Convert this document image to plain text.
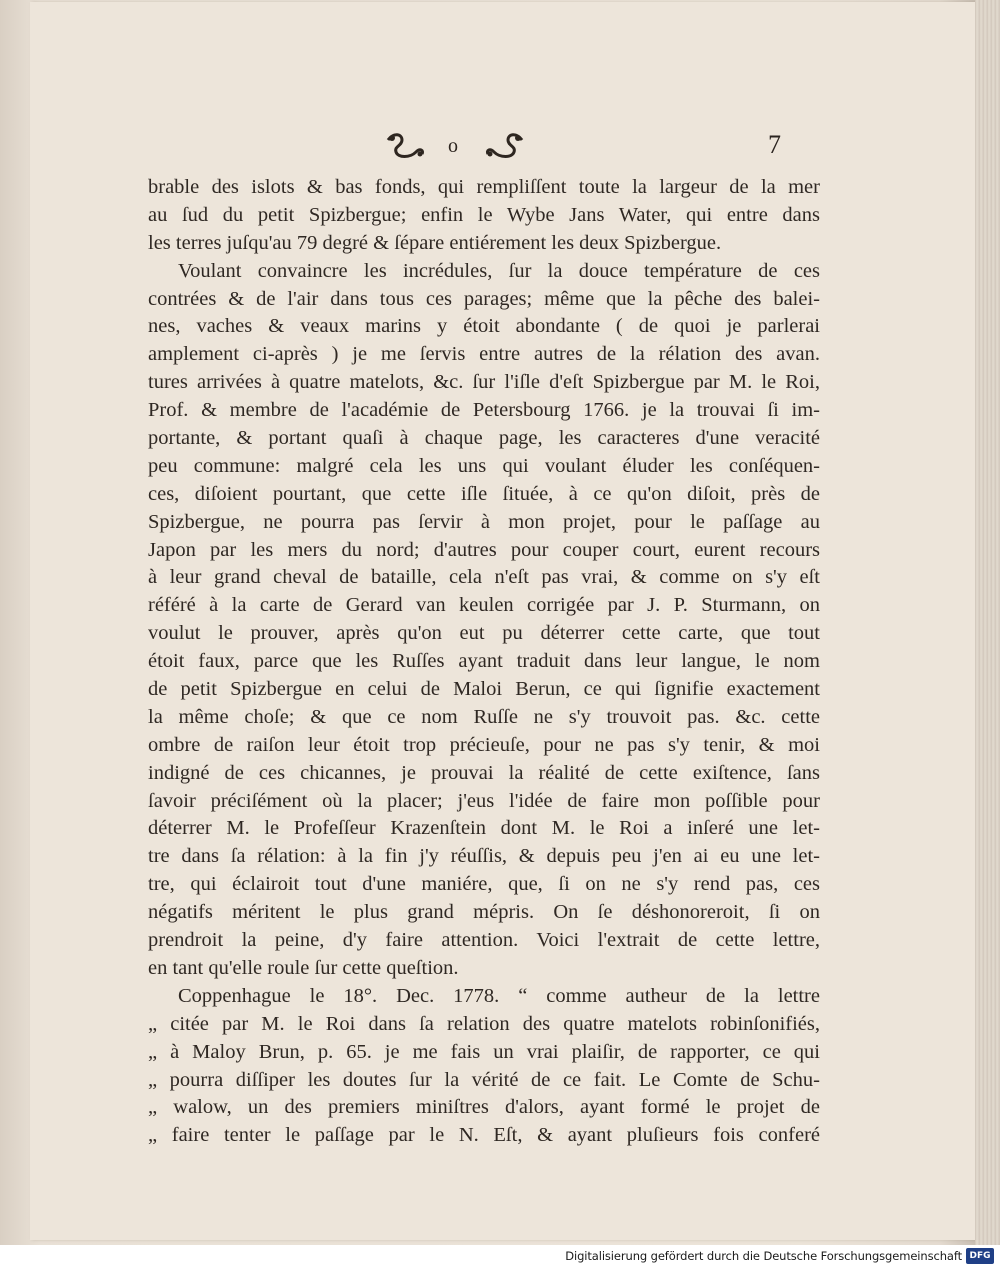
o	7
brable des islots & bas fonds, qui rempliſſent toute la largeur de la mer
au ſud du petit Spizbergue; enfin le Wybe Jans Water, qui entre dans
les terres juſqu'au 79 degré & ſépare entiérement les deux Spizbergue.
Voulant convaincre les incrédules, ſur la douce température de ces
contrées & de l'air dans tous ces parages; même que la pêche des balei-
nes, vaches & veaux marins y étoit abondante ( de quoi je parlerai
amplement ci-après ) je me ſervis entre autres de la rélation des avan.
tures arrivées à quatre matelots, &c. ſur l'iſle d'eſt Spizbergue par M. le Roi,
Prof. & membre de l'académie de Petersbourg 1766. je la trouvai ſi im-
portante, & portant quaſi à chaque page, les caracteres d'une veracité
peu commune: malgré cela les uns qui voulant éluder les conſéquen-
ces, diſoient pourtant, que cette iſle ſituée, à ce qu'on diſoit, près de
Spizbergue, ne pourra pas ſervir à mon projet, pour le paſſage au
Japon par les mers du nord; d'autres pour couper court, eurent recours
à leur grand cheval de bataille, cela n'eſt pas vrai, & comme on s'y eſt
référé à la carte de Gerard van keulen corrigée par J. P. Sturmann, on
voulut le prouver, après qu'on eut pu déterrer cette carte, que tout
étoit faux, parce que les Ruſſes ayant traduit dans leur langue, le nom
de petit Spizbergue en celui de Maloi Berun, ce qui ſignifie exactement
la même choſe; & que ce nom Ruſſe ne s'y trouvoit pas. &c. cette
ombre de raiſon leur étoit trop précieuſe, pour ne pas s'y tenir, & moi
indigné de ces chicannes, je prouvai la réalité de cette exiſtence, ſans
ſavoir préciſément où la placer; j'eus l'idée de faire mon poſſible pour
déterrer M. le Profeſſeur Krazenſtein dont M. le Roi a inſeré une let-
tre dans ſa rélation: à la fin j'y réuſſis, & depuis peu j'en ai eu une let-
tre, qui éclairoit tout d'une maniére, que, ſi on ne s'y rend pas, ces
négatifs méritent le plus grand mépris. On ſe déshonoreroit, ſi on
prendroit la peine, d'y faire attention. Voici l'extrait de cette lettre,
en tant qu'elle roule ſur cette queſtion.
Coppenhague le 18°. Dec. 1778. “ comme autheur de la lettre
„ citée par M. le Roi dans ſa relation des quatre matelots robinſonifiés,
„ à Maloy Brun, p. 65. je me fais un vrai plaiſir, de rapporter, ce qui
„ pourra diſſiper les doutes ſur la vérité de ce fait. Le Comte de Schu-
„ walow, un des premiers miniſtres d'alors, ayant formé le projet de
„ faire tenter le paſſage par le N. Eſt, & ayant pluſieurs fois conferé
Digitalisierung gefördert durch die Deutsche Forschungsgemeinschaft DFG
